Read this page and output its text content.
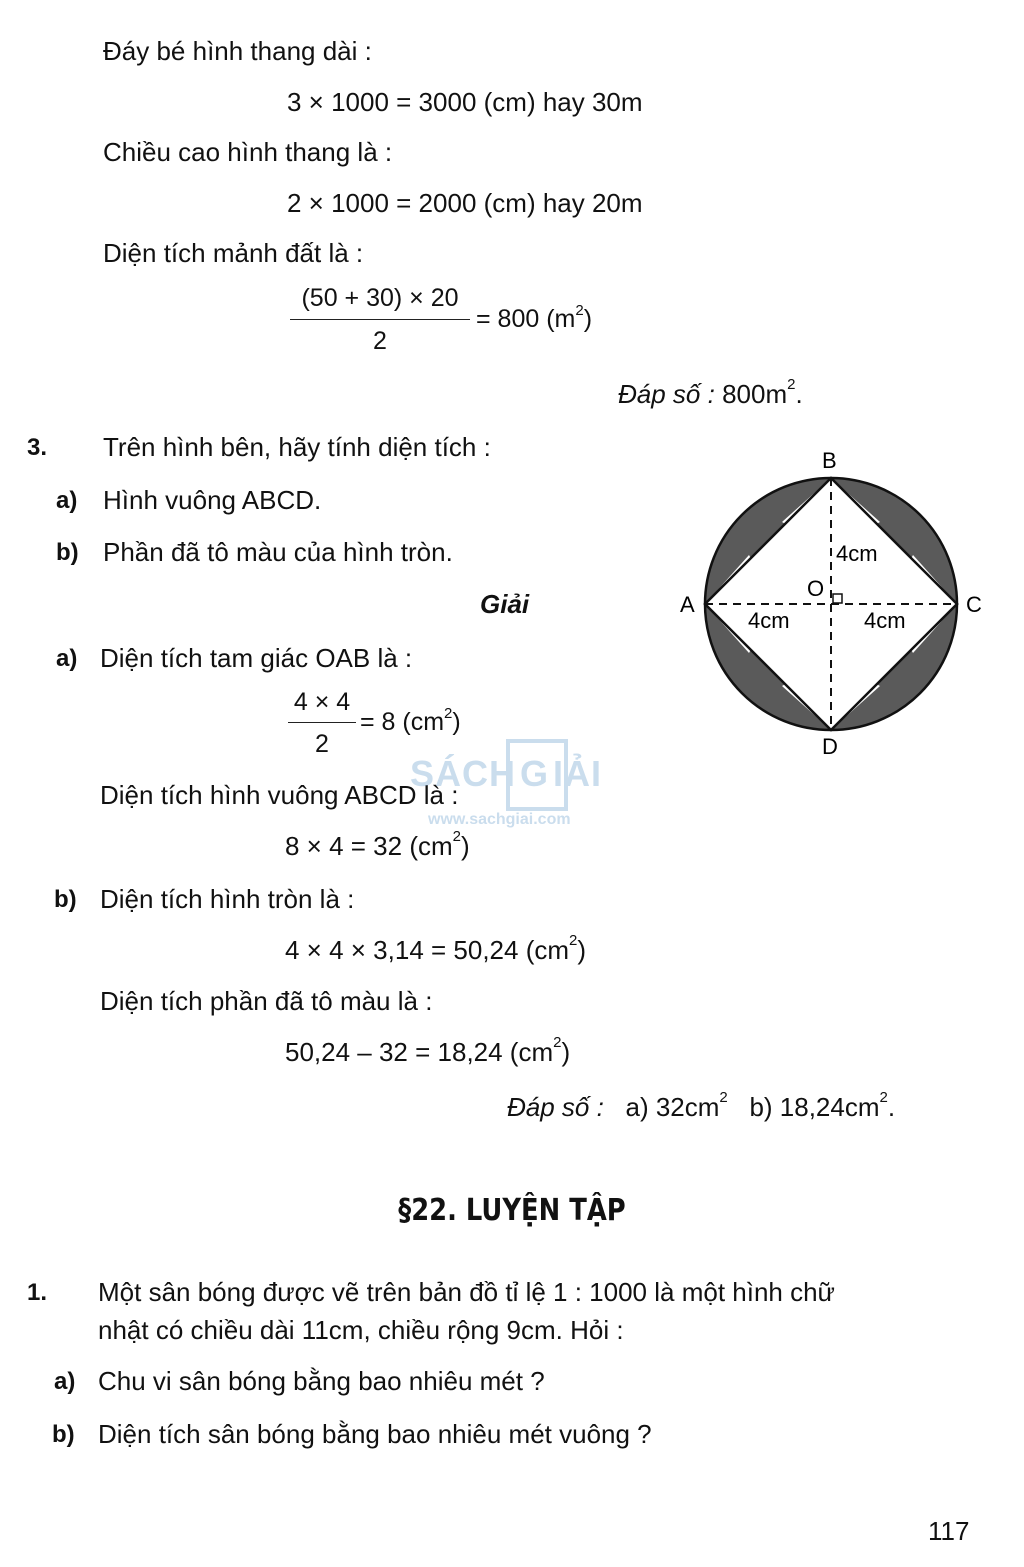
Đáy bé hình thang dài :
3 × 1000 = 3000 (cm) hay 30m
Chiều cao hình thang là :
2 × 1000 = 2000 (cm) hay 20m
Diện tích mảnh đất là :
(50 + 30) × 20
2
= 800 $(m^2)$
Đáp số : $800m^2$.
3. Trên hình bên, hãy tính diện tích :
a) Hình vuông ABCD.
b) Phần đã tô màu của hình tròn.
Giải
a) Diện tích tam giác OAB là :
4 × 4
2
= 8 $(cm^2)$
Diện tích hình vuông ABCD là :
8 × 4 = 32 $(cm^2)$
b) Diện tích hình tròn là :
4 × 4 × 3,14 = 50,24 $(cm^2)$
Diện tích phần đã tô màu là :
50,24 – 32 = 18,24 $(cm^2)$
Đáp số : a) $32cm^2$ b) $18,24cm^2$.
B
A	C
D
O
4cm
4cm	4cm
SÁCH G IẢI
www.sachgiai.com
§22. LUYỆN TẬP
1. Một sân bóng được vẽ trên bản đồ tỉ lệ 1 : 1000 là một hình chữ
nhật có chiều dài 11cm, chiều rộng 9cm. Hỏi :
a) Chu vi sân bóng bằng bao nhiêu mét ?
b) Diện tích sân bóng bằng bao nhiêu mét vuông ?
117
